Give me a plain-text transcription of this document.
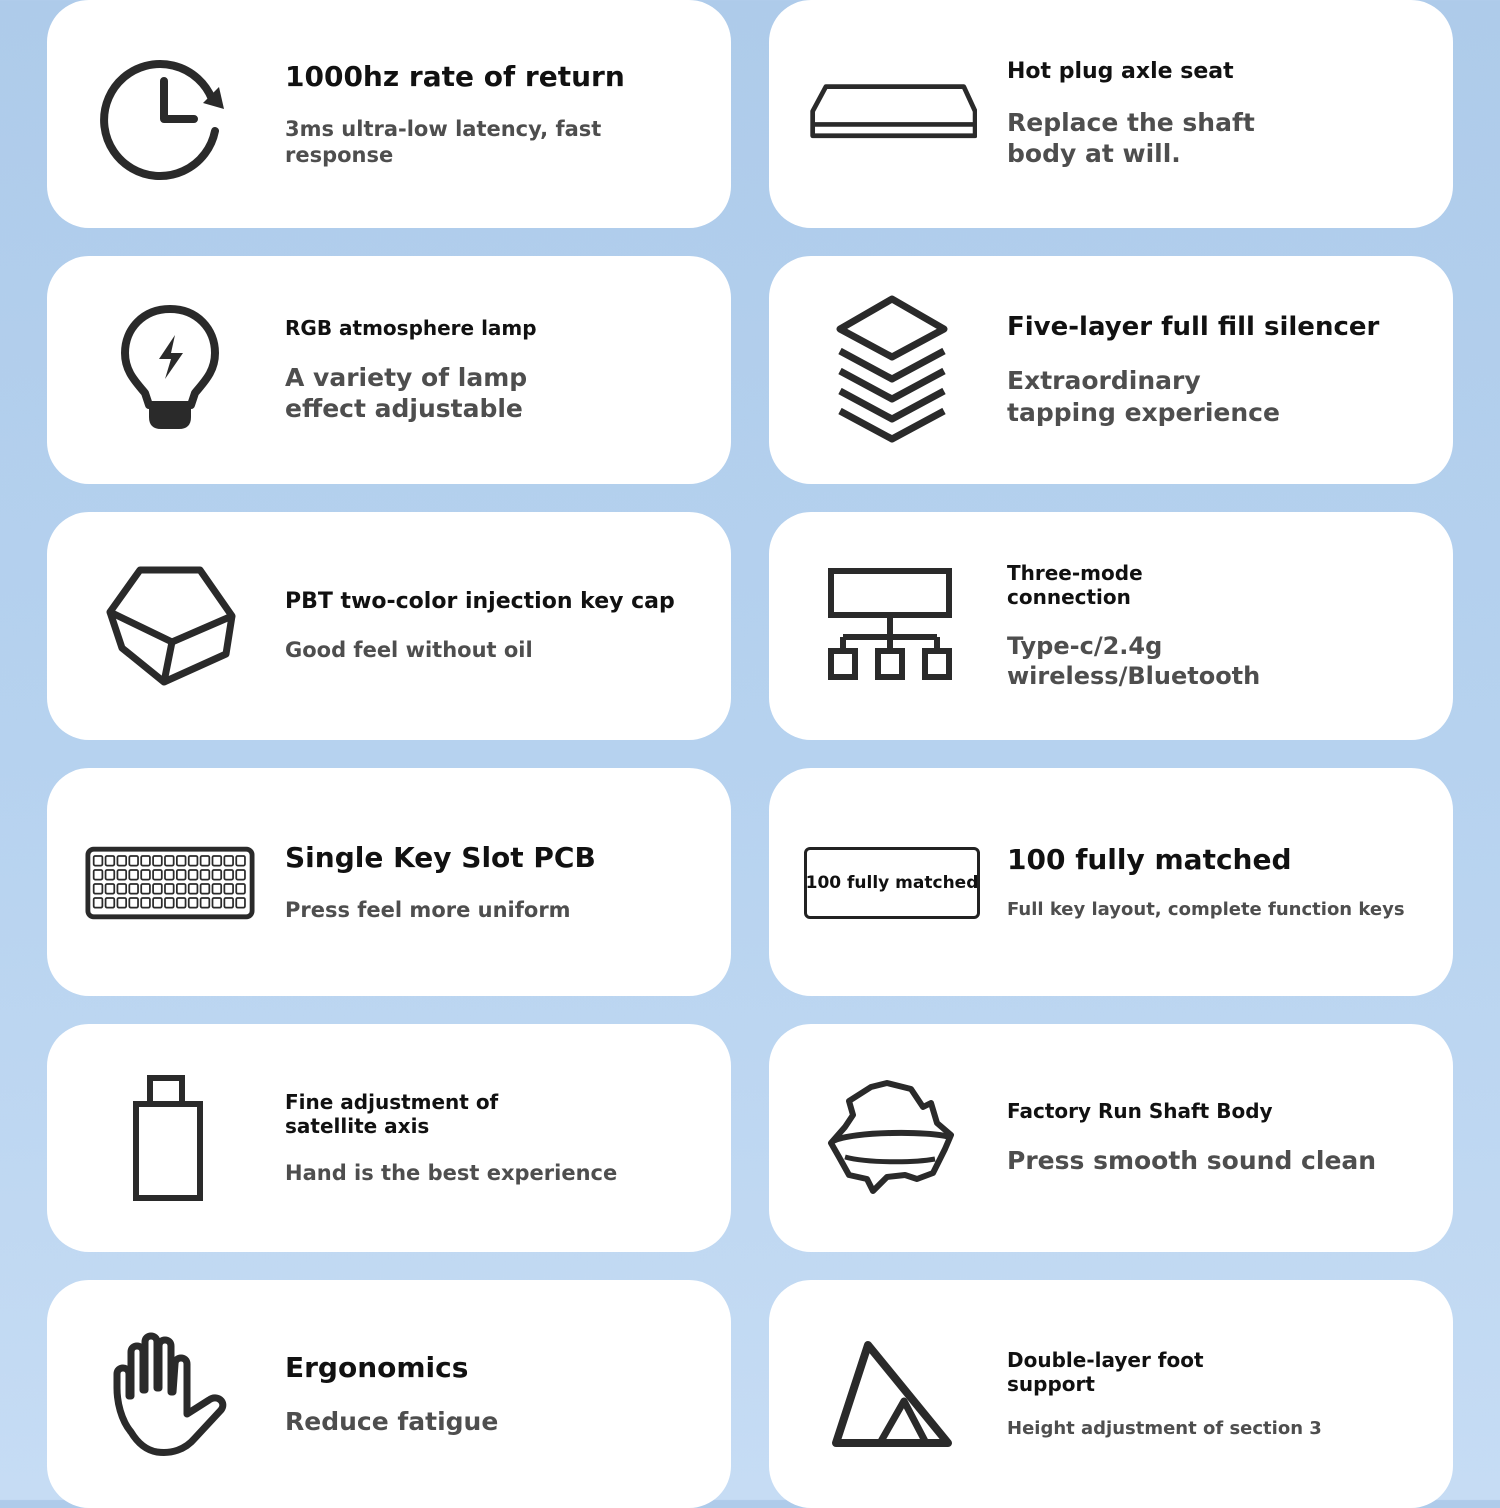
1000hz rate of return

3ms ultra-low latency, fast response

Hot plug axle seat

Replace the shaft body at will.

RGB atmosphere lamp

A variety of lamp effect adjustable

Five-layer full fill silencer

Extraordinary tapping experience

PBT two-color injection key cap

Good feel without oil

Three-mode connection

Type-c/2.4g wireless/Bluetooth

Single Key Slot PCB

Press feel more uniform

100 fully matched

100 fully matched

Full key layout, complete function keys

Fine adjustment of satellite axis

Hand is the best experience

Factory Run Shaft Body

Press smooth sound clean

Ergonomics

Reduce fatigue

Double-layer foot support

Height adjustment of section 3
